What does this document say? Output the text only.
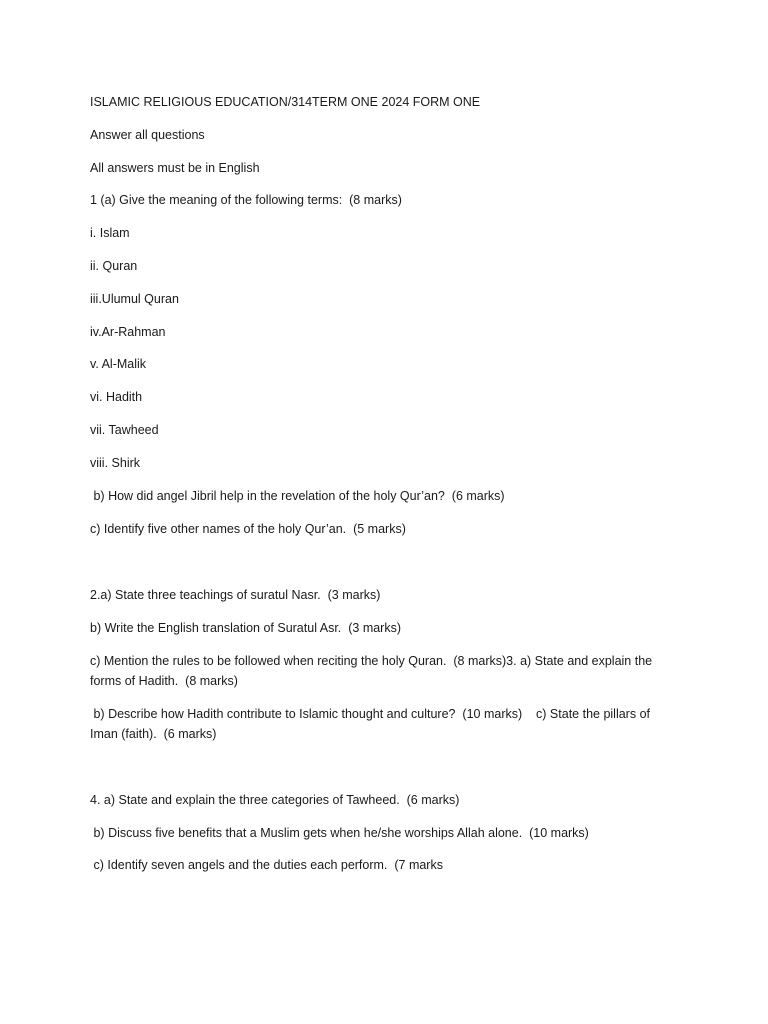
ISLAMIC RELIGIOUS EDUCATION/314TERM ONE 2024 FORM ONE
Answer all questions
All answers must be in English
1 (a) Give the meaning of the following terms:  (8 marks)
i. Islam
ii. Quran
iii.Ulumul Quran
iv.Ar-Rahman
v. Al-Malik
vi. Hadith
vii. Tawheed
viii. Shirk
b) How did angel Jibril help in the revelation of the holy Qur’an?  (6 marks)
c) Identify five other names of the holy Qur’an.  (5 marks)
2.a) State three teachings of suratul Nasr.  (3 marks)
b) Write the English translation of Suratul Asr.  (3 marks)
c) Mention the rules to be followed when reciting the holy Quran.  (8 marks)3. a) State and explain the forms of Hadith.  (8 marks)
b) Describe how Hadith contribute to Islamic thought and culture?  (10 marks)    c) State the pillars of Iman (faith).  (6 marks)
4. a) State and explain the three categories of Tawheed.  (6 marks)
b) Discuss five benefits that a Muslim gets when he/she worships Allah alone.  (10 marks)
c) Identify seven angels and the duties each perform.  (7 marks
